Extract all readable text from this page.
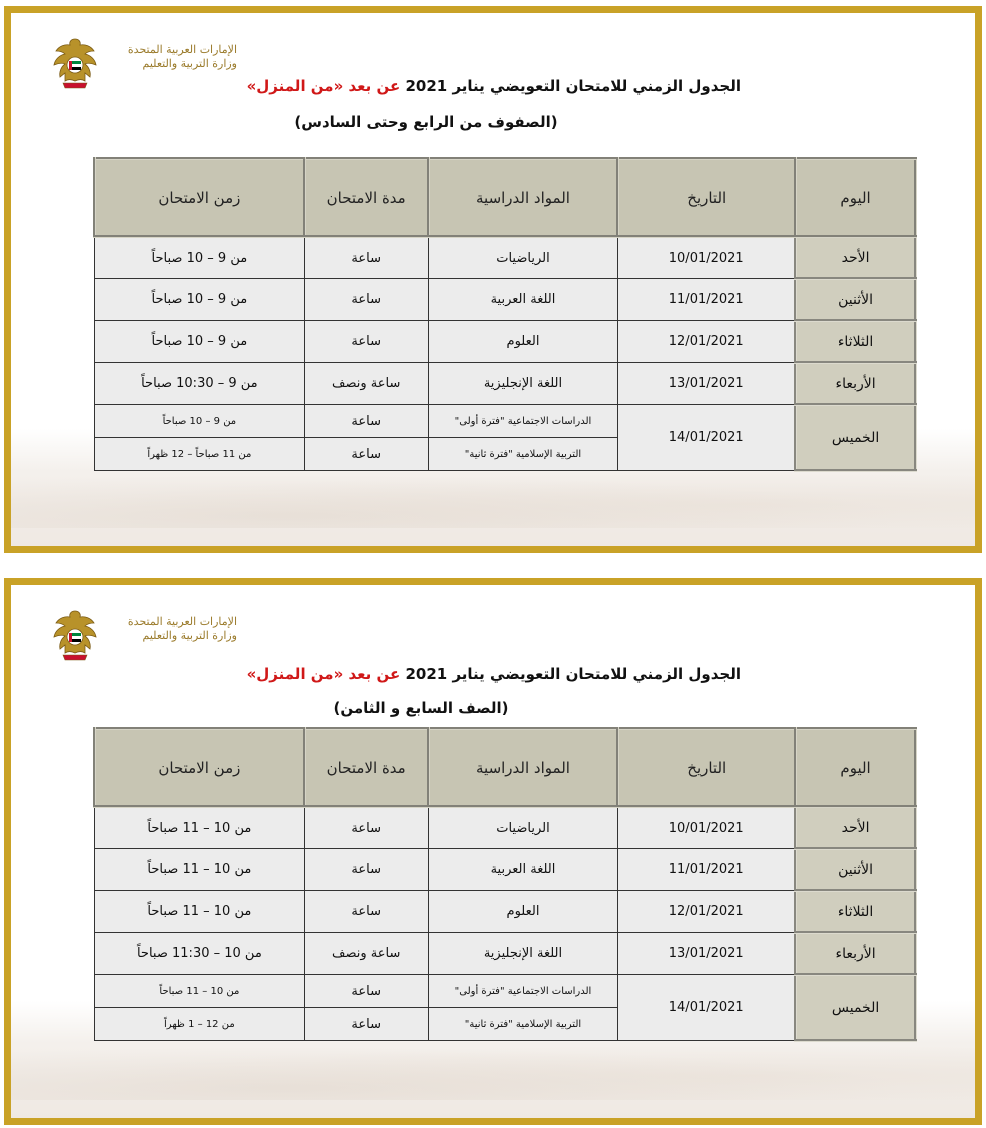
الإمارات العربية المتحدة
وزارة التربية والتعليم
الجدول الزمني للامتحان التعويضي يناير 2021 عن بعد «من المنزل»
(الصفوف من الرابع وحتى السادس)
اليوم	التاريخ	المواد الدراسية	مدة الامتحان	زمن الامتحان
الأحد	10/01/2021	الرياضيات	ساعة	من 9 – 10 صباحاً
الأثنين	11/01/2021	اللغة العربية	ساعة	من 9 – 10 صباحاً
الثلاثاء	12/01/2021	العلوم	ساعة	من 9 – 10 صباحاً
الأربعاء	13/01/2021	اللغة الإنجليزية	ساعة ونصف	من 9 – 10:30 صباحاً
الخميس	14/01/2021	الدراسات الاجتماعية "فترة أولى"	ساعة	من 9 – 10 صباحاً
		التربية الإسلامية "فترة ثانية"	ساعة	من 11 صباحاً – 12 ظهراً
الإمارات العربية المتحدة
وزارة التربية والتعليم
الجدول الزمني للامتحان التعويضي يناير 2021 عن بعد «من المنزل»
(الصف السابع و الثامن)
اليوم	التاريخ	المواد الدراسية	مدة الامتحان	زمن الامتحان
الأحد	10/01/2021	الرياضيات	ساعة	من 10 – 11 صباحاً
الأثنين	11/01/2021	اللغة العربية	ساعة	من 10 – 11 صباحاً
الثلاثاء	12/01/2021	العلوم	ساعة	من 10 – 11 صباحاً
الأربعاء	13/01/2021	اللغة الإنجليزية	ساعة ونصف	من 10 – 11:30 صباحاً
الخميس	14/01/2021	الدراسات الاجتماعية "فترة أولى"	ساعة	من 10 – 11 صباحاً
		التربية الإسلامية "فترة ثانية"	ساعة	من 12 – 1 ظهراً
